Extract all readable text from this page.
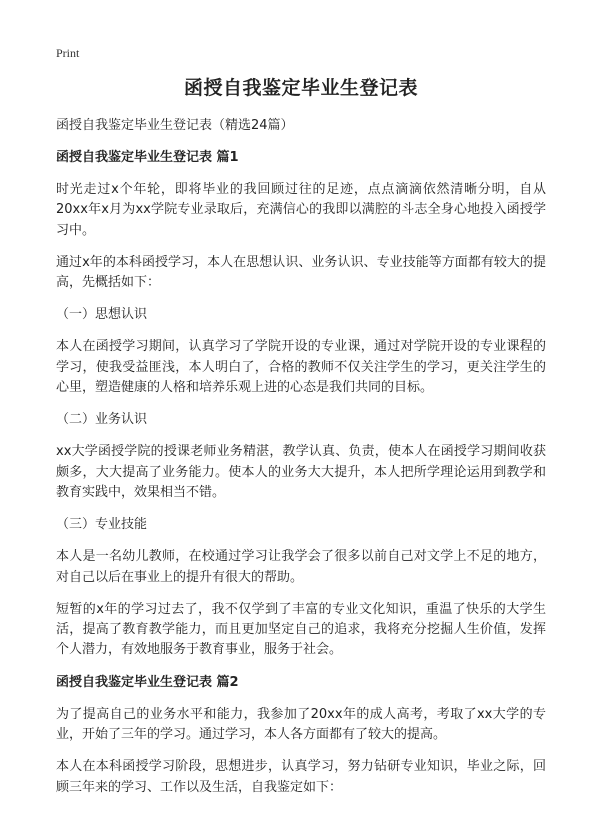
Print
函授自我鉴定毕业生登记表

函授自我鉴定毕业生登记表（精选24篇）

函授自我鉴定毕业生登记表 篇1

时光走过x个年轮，即将毕业的我回顾过往的足迹，点点滴滴依然清晰分明，自从20xx年x月为xx学院专业录取后，充满信心的我即以满腔的斗志全身心地投入函授学习中。

通过x年的本科函授学习，本人在思想认识、业务认识、专业技能等方面都有较大的提高，先概括如下：

（一）思想认识

本人在函授学习期间，认真学习了学院开设的专业课，通过对学院开设的专业课程的学习，使我受益匪浅，本人明白了，合格的教师不仅关注学生的学习，更关注学生的心里，塑造健康的人格和培养乐观上进的心态是我们共同的目标。

（二）业务认识

xx大学函授学院的授课老师业务精湛，教学认真、负责，使本人在函授学习期间收获颇多，大大提高了业务能力。使本人的业务大大提升，本人把所学理论运用到教学和教育实践中，效果相当不错。

（三）专业技能

本人是一名幼儿教师，在校通过学习让我学会了很多以前自己对文学上不足的地方，对自己以后在事业上的提升有很大的帮助。

短暂的x年的学习过去了，我不仅学到了丰富的专业文化知识，重温了快乐的大学生活，提高了教育教学能力，而且更加坚定自己的追求，我将充分挖掘人生价值，发挥个人潜力，有效地服务于教育事业，服务于社会。

函授自我鉴定毕业生登记表 篇2

为了提高自己的业务水平和能力，我参加了20xx年的成人高考，考取了xx大学的专业，开始了三年的学习。通过学习，本人各方面都有了较大的提高。

本人在本科函授学习阶段，思想进步，认真学习，努力钻研专业知识，毕业之际，回顾三年来的学习、工作以及生活，自我鉴定如下：
